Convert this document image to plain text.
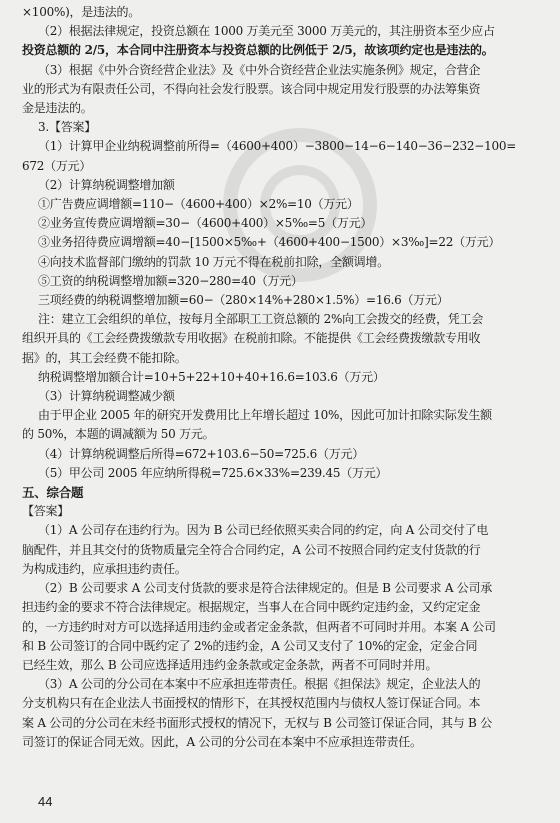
×100%)，是违法的。
（2）根据法律规定，投资总额在 1000 万美元至 3000 万美元的，其注册资本至少应占
投资总额的 2/5，本合同中注册资本与投资总额的比例低于 2/5，故该项约定也是违法的。
（3）根据《中外合资经营企业法》及《中外合资经营企业法实施条例》规定，合营企
业的形式为有限责任公司，不得向社会发行股票。该合同中规定用发行股票的办法筹集资
金是违法的。
3.【答案】
（1）计算甲企业纳税调整前所得=（4600+400）−3800−14−6−140−36−232−100=
672（万元）
（2）计算纳税调整增加额
①广告费应调增额=110−（4600+400）×2%=10（万元）
②业务宣传费应调增额=30−（4600+400）×5‰=5（万元）
③业务招待费应调增额=40−[1500×5‰+（4600+400−1500）×3‰]=22（万元）
④向技术监督部门缴纳的罚款 10 万元不得在税前扣除，全额调增。
⑤工资的纳税调整增加额=320−280=40（万元）
三项经费的纳税调整增加额=60−（280×14%+280×1.5%）=16.6（万元）
注：建立工会组织的单位，按每月全部职工工资总额的 2%向工会拨交的经费，凭工会
组织开具的《工会经费拨缴款专用收据》在税前扣除。不能提供《工会经费拨缴款专用收
据》的，其工会经费不能扣除。
纳税调整增加额合计=10+5+22+10+40+16.6=103.6（万元）
（3）计算纳税调整减少额
由于甲企业 2005 年的研究开发费用比上年增长超过 10%，因此可加计扣除实际发生额
的 50%，本题的调减额为 50 万元。
（4）计算纳税调整后所得=672+103.6−50=725.6（万元）
（5）甲公司 2005 年应纳所得税=725.6×33%=239.45（万元）
五、综合题
【答案】
（1）A 公司存在违约行为。因为 B 公司已经依照买卖合同的约定，向 A 公司交付了电
脑配件，并且其交付的货物质量完全符合合同约定，A 公司不按照合同约定支付货款的行
为构成违约，应承担违约责任。
（2）B 公司要求 A 公司支付货款的要求是符合法律规定的。但是 B 公司要求 A 公司承
担违约金的要求不符合法律规定。根据规定，当事人在合同中既约定违约金，又约定定金
的，一方违约时对方可以选择适用违约金或者定金条款，但两者不可同时并用。本案 A 公司
和 B 公司签订的合同中既约定了 2%的违约金，A 公司又支付了 10%的定金，定金合同
已经生效，那么 B 公司应选择适用违约金条款或定金条款，两者不可同时并用。
（3）A 公司的分公司在本案中不应承担连带责任。根据《担保法》规定，企业法人的
分支机构只有在企业法人书面授权的情形下，在其授权范围内与债权人签订保证合同。本
案 A 公司的分公司在未经书面形式授权的情况下，无权与 B 公司签订保证合同，其与 B 公
司签订的保证合同无效。因此，A 公司的分公司在本案中不应承担连带责任。
44
